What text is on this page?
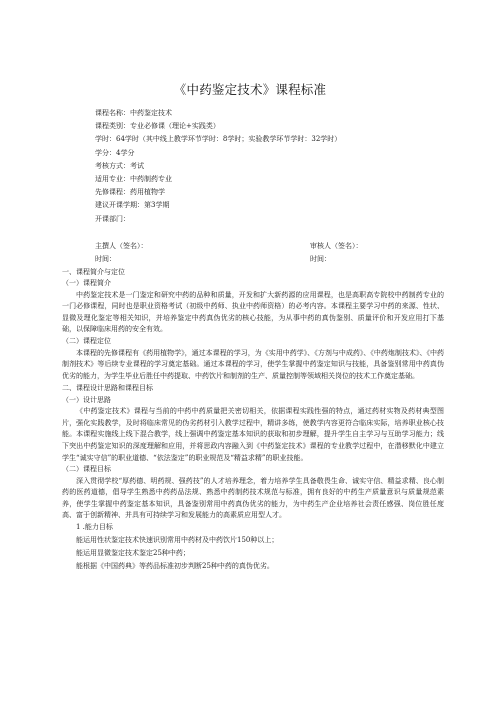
《中药鉴定技术》课程标准
课程名称：中药鉴定技术
课程类别：专业必修课（理论+实践类）
学时：64学时（其中线上教学环节学时：8学时；实验教学环节学时：32学时）
学分：4学分
考核方式：考试
适用专业：中药制药专业
先修课程：药用植物学
建议开课学期：第3学期
开课部门：
主撰人（签名）：
时间：
审核人（签名）：
时间：
一、课程简介与定位
（一）课程简介

中药鉴定技术是一门鉴定和研究中药的品种和质量，开发和扩大新药源的应用课程，也是高职高专院校中药制药专业的一门必修课程，同时也是职业资格考试（初级中药师、执业中药师资格）的必考内容。本课程主要学习中药的来源、性状、显微及理化鉴定等相关知识，并培养鉴定中药真伪优劣的核心技能，为从事中药的真伪鉴别、质量评价和开发应用打下基础，以保障临床用药的安全有效。

（二）课程定位

本课程的先修课程有《药用植物学》，通过本课程的学习，为《实用中药学》、《方剂与中成药》、《中药炮制技术》、《中药制剂技术》等后续专业课程的学习奠定基础。通过本课程的学习，使学生掌握中药鉴定知识与技能，具备鉴别常用中药真伪优劣的能力，为学生毕业后胜任中药提取、中药饮片和制剂的生产、质量控制等领域相关岗位的技术工作奠定基础。

二、课程设计思路和课程目标
（一）设计思路

《中药鉴定技术》课程与当前的中药中药质量把关密切相关，依据课程实践性强的特点，通过药材实物及药材典型图片，强化实践教学，及时将临床常见的伪劣药材引入教学过程中，精讲多练，使教学内容更符合临床实际，培养职业核心技能。本课程实施线上线下混合教学，线上强调中药鉴定基本知识的获取和初步理解，提升学生自主学习与互助学习能力；线下突出中药鉴定知识的深度理解和应用，并将思政内容融入到《中药鉴定技术》课程的专业教学过程中，在潜移默化中建立学生“诚实守信”的职业道德、“依法鉴定”的职业规范及“精益求精”的职业技能。

（二）课程目标

深入贯彻学校“厚药德、明药规、强药技”的人才培养理念，着力培养学生具备敬畏生命、诚实守信、精益求精、良心制药的医药道德，倡导学生熟悉中药药品法规、熟悉中药制药技术规范与标准，拥有良好的中药生产质量意识与质量规范素养，使学生掌握中药鉴定基本知识，具备鉴别常用中药真伪优劣的能力，为中药生产企业培养社会责任感强、岗位胜任度高、富于创新精神、并具有可持续学习和发展能力的高素质应用型人才。

1 .能力目标
能运用性状鉴定技术快速识别常用中药材及中药饮片150种以上；
能运用显微鉴定技术鉴定25种中药；
能根据《中国药典》等药品标准初步判断25种中药的真伪优劣。
